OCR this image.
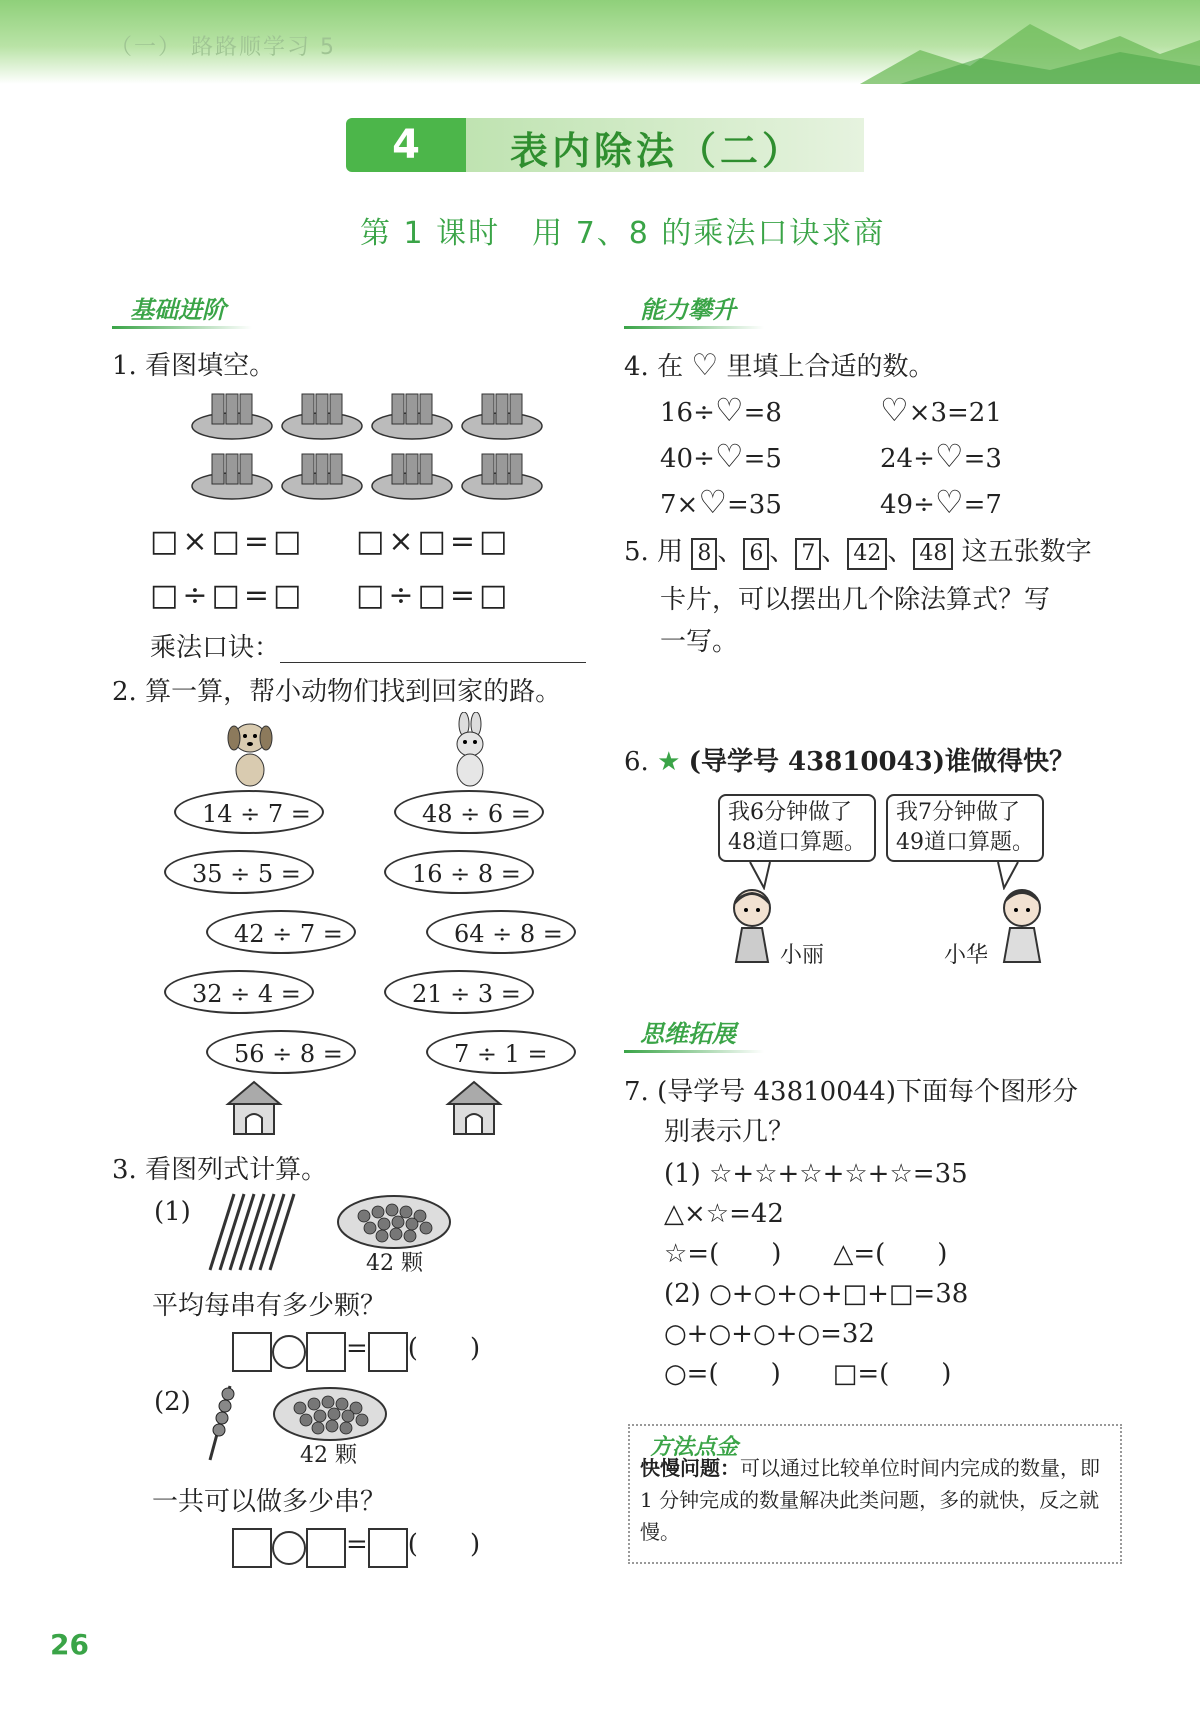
（一） 路路顺学习 5
4	表内除法（二）
第 1 课时　用 7、8 的乘法口诀求商
基础进阶	能力攀升
思维拓展
1. 看图填空。
□×□=□ □×□=□
□÷□=□ □÷□=□
乘法口诀：
2. 算一算，帮小动物们找到回家的路。
14 ÷ 7 =
35 ÷ 5 =
42 ÷ 7 =
32 ÷ 4 =
56 ÷ 8 =
48 ÷ 6 =
16 ÷ 8 =
64 ÷ 8 =
21 ÷ 3 =
7 ÷ 1 =
3. 看图列式计算。
(1)
42 颗
平均每串有多少颗？
= (　　)
(2)
42 颗
一共可以做多少串？
= (　　)
4. 在 ♡ 里填上合适的数。
16÷♡=8	♡×3=21
40÷♡=5	24÷♡=3
7×♡=35	49÷♡=7
5. 用 8 、 6 、 7 、 42 、 48 这五张数字
卡片，可以摆出几个除法算式？写
一写。
6. ★ (导学号 43810043)谁做得快？
我6分钟做了
48道口算题。
我7分钟做了
49道口算题。
小丽	小华
7. (导学号 43810044)下面每个图形分
别表示几？
(1) ☆+☆+☆+☆+☆=35
△×☆=42
☆=(　　)　　△=(　　)
(2) ○+○+○+□+□=38
○+○+○+○=32
○=(　　)　　□=(　　)
方法点金
快慢问题：可以通过比较单位时间内完成的数量，即 1 分钟完成的数量解决此类问题，多的就快，反之就慢。
26
